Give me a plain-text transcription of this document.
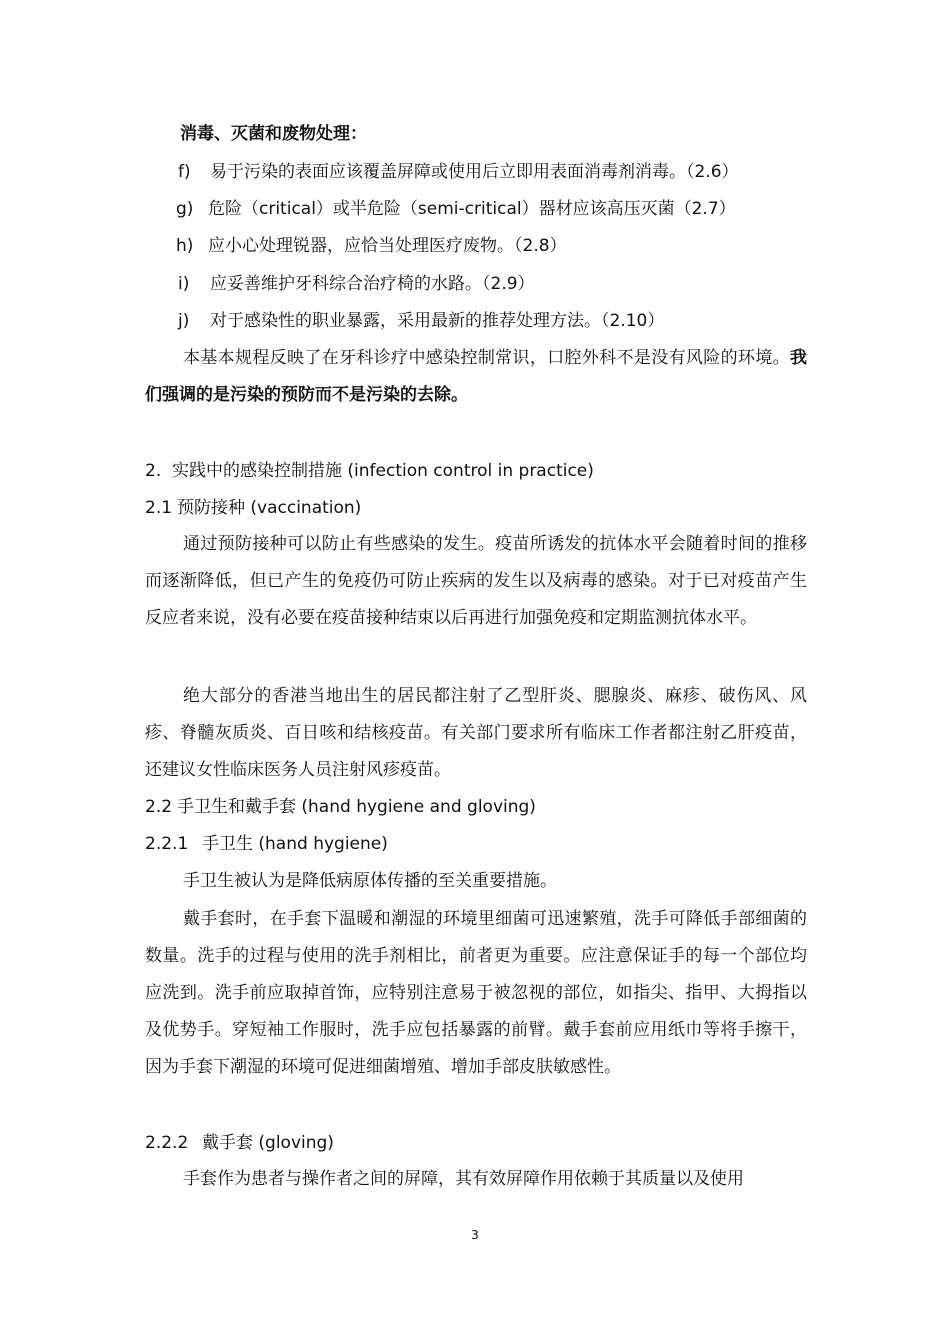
消毒、灭菌和废物处理：
f) 易于污染的表面应该覆盖屏障或使用后立即用表面消毒剂消毒。（2.6）
g) 危险（critical）或半危险（semi-critical）器材应该高压灭菌（2.7）
h) 应小心处理锐器，应恰当处理医疗废物。（2.8）
i) 应妥善维护牙科综合治疗椅的水路。（2.9）
j) 对于感染性的职业暴露，采用最新的推荐处理方法。（2.10）
本基本规程反映了在牙科诊疗中感染控制常识，口腔外科不是没有风险的环境。我们强调的是污染的预防而不是污染的去除。
2. 实践中的感染控制措施 (infection control in practice)
2.1 预防接种 (vaccination)
通过预防接种可以防止有些感染的发生。疫苗所诱发的抗体水平会随着时间的推移而逐渐降低，但已产生的免疫仍可防止疾病的发生以及病毒的感染。对于已对疫苗产生反应者来说，没有必要在疫苗接种结束以后再进行加强免疫和定期监测抗体水平。
绝大部分的香港当地出生的居民都注射了乙型肝炎、腮腺炎、麻疹、破伤风、风疹、脊髓灰质炎、百日咳和结核疫苗。有关部门要求所有临床工作者都注射乙肝疫苗，还建议女性临床医务人员注射风疹疫苗。
2.2 手卫生和戴手套 (hand hygiene and gloving)
2.2.1 手卫生 (hand hygiene)
手卫生被认为是降低病原体传播的至关重要措施。
戴手套时，在手套下温暖和潮湿的环境里细菌可迅速繁殖，洗手可降低手部细菌的数量。洗手的过程与使用的洗手剂相比，前者更为重要。应注意保证手的每一个部位均应洗到。洗手前应取掉首饰，应特别注意易于被忽视的部位，如指尖、指甲、大拇指以及优势手。穿短袖工作服时，洗手应包括暴露的前臂。戴手套前应用纸巾等将手擦干，因为手套下潮湿的环境可促进细菌增殖、增加手部皮肤敏感性。
2.2.2 戴手套 (gloving)
手套作为患者与操作者之间的屏障，其有效屏障作用依赖于其质量以及使用
3
